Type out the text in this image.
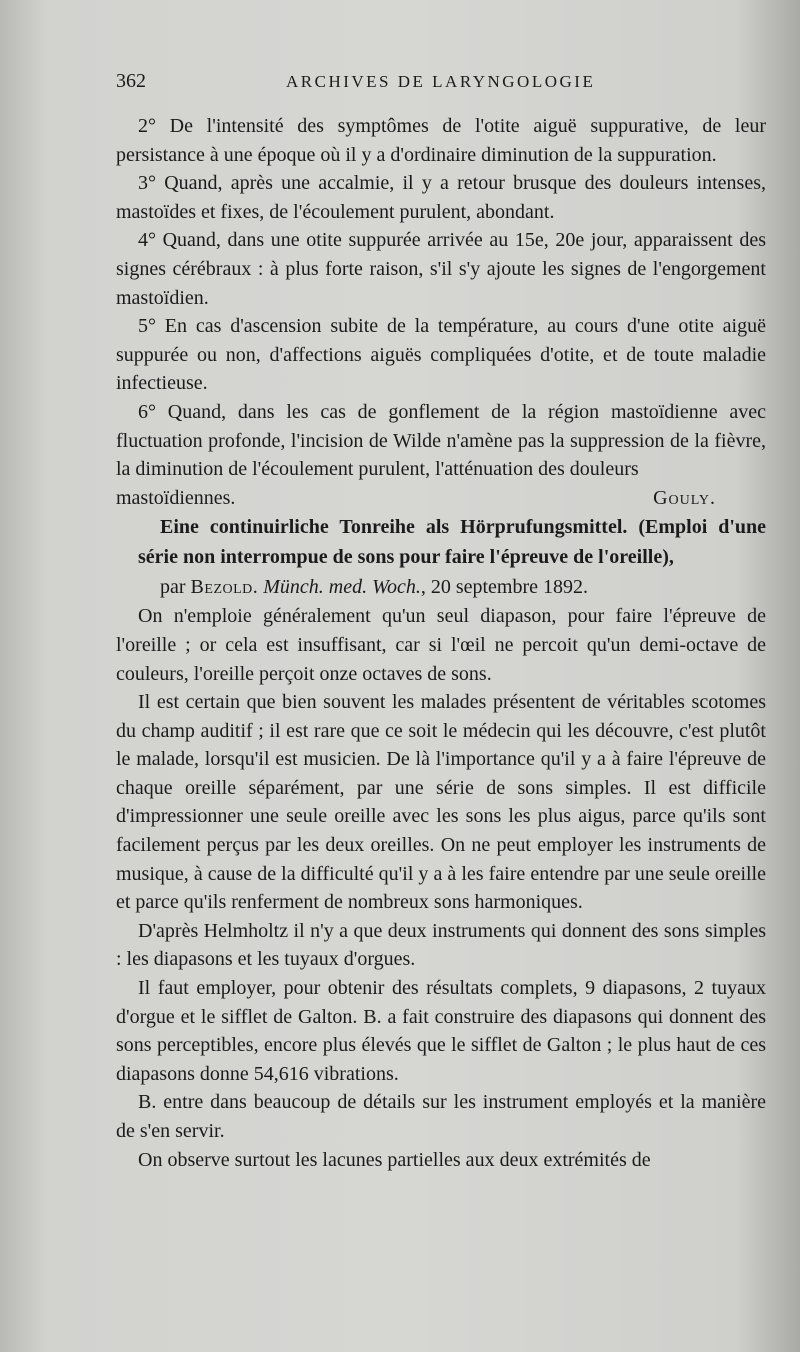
362	ARCHIVES DE LARYNGOLOGIE

2° De l'intensité des symptômes de l'otite aiguë suppurative, de leur persistance à une époque où il y a d'ordinaire diminution de la suppuration.

3° Quand, après une accalmie, il y a retour brusque des douleurs intenses, mastoïdes et fixes, de l'écoulement purulent, abondant.

4° Quand, dans une otite suppurée arrivée au 15e, 20e jour, apparaissent des signes cérébraux : à plus forte raison, s'il s'y ajoute les signes de l'engorgement mastoïdien.

5° En cas d'ascension subite de la température, au cours d'une otite aiguë suppurée ou non, d'affections aiguës compliquées d'otite, et de toute maladie infectieuse.

6° Quand, dans les cas de gonflement de la région mastoïdienne avec fluctuation profonde, l'incision de Wilde n'amène pas la suppression de la fièvre, la diminution de l'écoulement purulent, l'atténuation des douleurs

mastoïdiennes.	Gouly.

Eine continuirliche Tonreihe als Hörprufungsmittel. (Emploi d'une série non interrompue de sons pour faire l'épreuve de l'oreille),
par Bezold. Münch. med. Woch., 20 septembre 1892.

On n'emploie généralement qu'un seul diapason, pour faire l'épreuve de l'oreille ; or cela est insuffisant, car si l'œil ne percoit qu'un demi-octave de couleurs, l'oreille perçoit onze octaves de sons.

Il est certain que bien souvent les malades présentent de véritables scotomes du champ auditif ; il est rare que ce soit le médecin qui les découvre, c'est plutôt le malade, lorsqu'il est musicien. De là l'importance qu'il y a à faire l'épreuve de chaque oreille séparément, par une série de sons simples. Il est difficile d'impressionner une seule oreille avec les sons les plus aigus, parce qu'ils sont facilement perçus par les deux oreilles. On ne peut employer les instruments de musique, à cause de la difficulté qu'il y a à les faire entendre par une seule oreille et parce qu'ils renferment de nombreux sons harmoniques.

D'après Helmholtz il n'y a que deux instruments qui donnent des sons simples : les diapasons et les tuyaux d'orgues.

Il faut employer, pour obtenir des résultats complets, 9 diapasons, 2 tuyaux d'orgue et le sifflet de Galton. B. a fait construire des diapasons qui donnent des sons perceptibles, encore plus élevés que le sifflet de Galton ; le plus haut de ces diapasons donne 54,616 vibrations.

B. entre dans beaucoup de détails sur les instrument employés et la manière de s'en servir.

On observe surtout les lacunes partielles aux deux extrémités de
